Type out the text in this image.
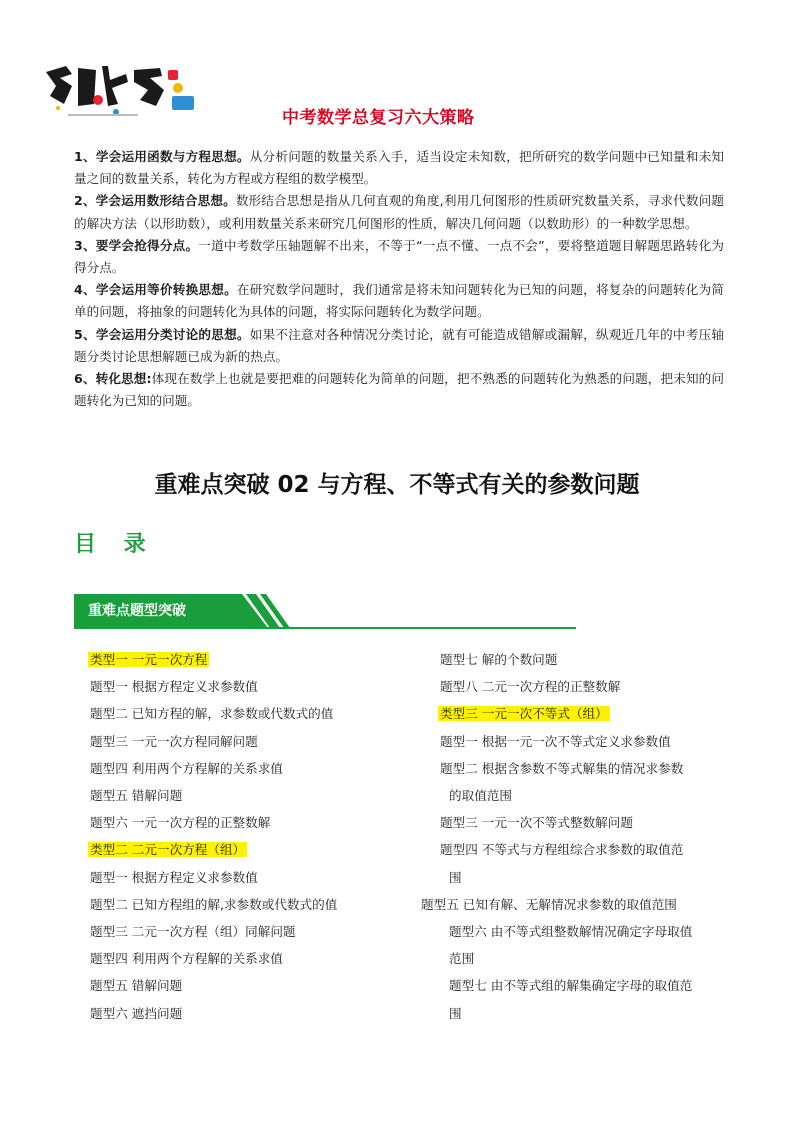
中考数学总复习六大策略

1、学会运用函数与方程思想。从分析问题的数量关系入手，适当设定未知数，把所研究的数学问题中已知量和未知量之间的数量关系，转化为方程或方程组的数学模型。

2、学会运用数形结合思想。数形结合思想是指从几何直观的角度,利用几何图形的性质研究数量关系，寻求代数问题的解决方法（以形助数），或利用数量关系来研究几何图形的性质，解决几何问题（以数助形）的一种数学思想。

3、要学会抢得分点。一道中考数学压轴题解不出来，不等于“一点不懂、一点不会”，要将整道题目解题思路转化为得分点。

4、学会运用等价转换思想。在研究数学问题时，我们通常是将未知问题转化为已知的问题，将复杂的问题转化为简单的问题，将抽象的问题转化为具体的问题，将实际问题转化为数学问题。

5、学会运用分类讨论的思想。如果不注意对各种情况分类讨论，就有可能造成错解或漏解，纵观近几年的中考压轴题分类讨论思想解题已成为新的热点。

6、转化思想:体现在数学上也就是要把难的问题转化为简单的问题，把不熟悉的问题转化为熟悉的问题，把未知的问题转化为已知的问题。

重难点突破 02 与方程、不等式有关的参数问题
目 录
重难点题型突破
类型一 一元一次方程
题型一 根据方程定义求参数值
题型二 已知方程的解，求参数或代数式的值
题型三 一元一次方程同解问题
题型四 利用两个方程解的关系求值
题型五 错解问题
题型六 一元一次方程的正整数解
类型二 二元一次方程（组）
题型一 根据方程定义求参数值
题型二 已知方程组的解,求参数或代数式的值
题型三 二元一次方程（组）同解问题
题型四 利用两个方程解的关系求值
题型五 错解问题
题型六 遮挡问题
题型七 解的个数问题
题型八 二元一次方程的正整数解
类型三 一元一次不等式（组）
题型一 根据一元一次不等式定义求参数值
题型二 根据含参数不等式解集的情况求参数
的取值范围
题型三 一元一次不等式整数解问题
题型四 不等式与方程组综合求参数的取值范
围
题型五 已知有解、无解情况求参数的取值范围
题型六 由不等式组整数解情况确定字母取值
范围
题型七 由不等式组的解集确定字母的取值范
围
